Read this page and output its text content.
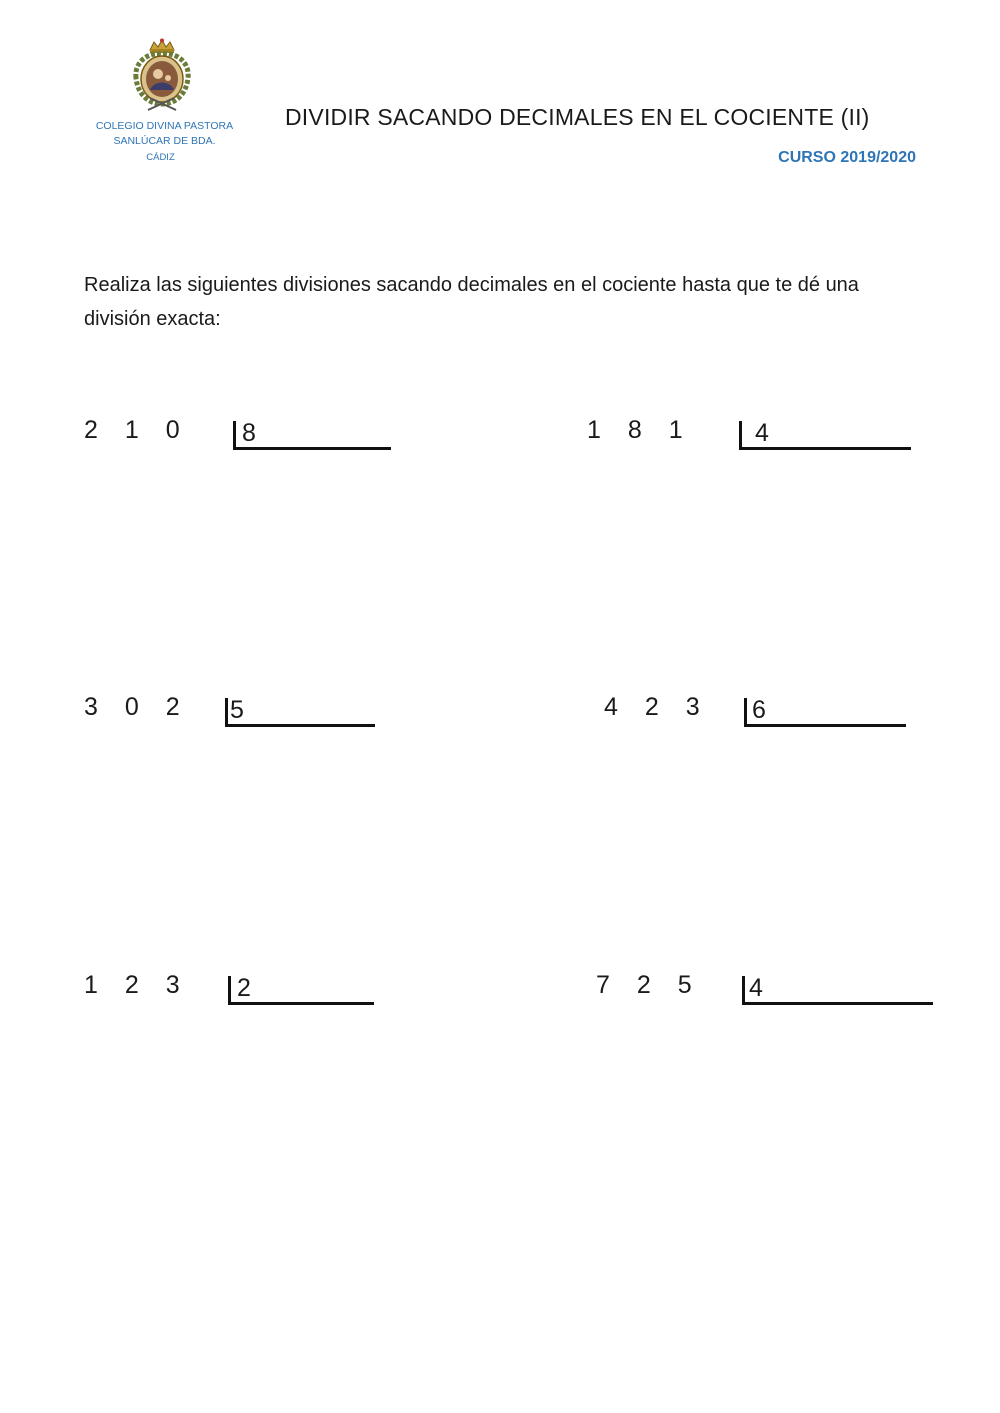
COLEGIO DIVINA PASTORA
SANLÚCAR DE BDA.
CÁDIZ
DIVIDIR SACANDO DECIMALES EN EL COCIENTE (II)
CURSO 2019/2020
Realiza las siguientes divisiones sacando decimales en el cociente hasta que te dé una división exacta:
2 1 0 8	1 8 1 4
3 0 2 5	4 2 3 6
1 2 3 2	7 2 5 4
